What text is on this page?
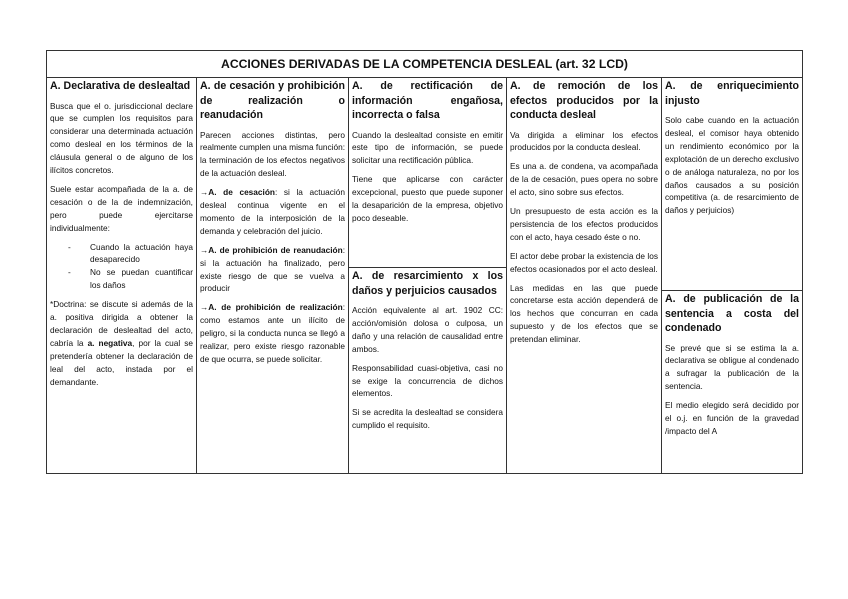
ACCIONES DERIVADAS DE LA COMPETENCIA DESLEAL (art. 32 LCD)
A. Declarativa de deslealtad
Busca que el o. jurisdiccional declare que se cumplen los requisitos para considerar una determinada actuación como desleal en los términos de la cláusula general o de alguno de los ilícitos concretos.
Suele estar acompañada de la a. de cesación o de la de indemnización, pero puede ejercitarse individualmente:
- Cuando la actuación haya desaparecido
- No se puedan cuantificar los daños
*Doctrina: se discute si además de la a. positiva dirigida a obtener la declaración de deslealtad del acto, cabría la a. negativa, por la cual se pretendería obtener la declaración de leal del acto, instada por el demandante.
A. de cesación y prohibición de realización o reanudación
Parecen acciones distintas, pero realmente cumplen una misma función: la terminación de los efectos negativos de la actuación desleal.
→A. de cesación: si la actuación desleal continua vigente en el momento de la interposición de la demanda y celebración del juicio.
→A. de prohibición de reanudación: si la actuación ha finalizado, pero existe riesgo de que se vuelva a producir
→A. de prohibición de realización: como estamos ante un ilícito de peligro, si la conducta nunca se llegó a realizar, pero existe riesgo razonable de que ocurra, se puede solicitar.
A. de rectificación de información engañosa, incorrecta o falsa
Cuando la deslealtad consiste en emitir este tipo de información, se puede solicitar una rectificación pública.
Tiene que aplicarse con carácter excepcional, puesto que puede suponer la desaparición de la empresa, objetivo poco deseable.
A. de resarcimiento x los daños y perjuicios causados
Acción equivalente al art. 1902 CC: acción/omisión dolosa o culposa, un daño y una relación de causalidad entre ambos.
Responsabilidad cuasi-objetiva, casi no se exige la concurrencia de dichos elementos.
Si se acredita la deslealtad se considera cumplido el requisito.
A. de remoción de los efectos producidos por la conducta desleal
Va dirigida a eliminar los efectos producidos por la conducta desleal.
Es una a. de condena, va acompañada de la de cesación, pues opera no sobre el acto, sino sobre sus efectos.
Un presupuesto de esta acción es la persistencia de los efectos producidos con el acto, haya cesado éste o no.
El actor debe probar la existencia de los efectos ocasionados por el acto desleal.
Las medidas en las que puede concretarse esta acción dependerá de los hechos que concurran en cada supuesto y de los efectos que se pretendan eliminar.
A. de enriquecimiento injusto
Solo cabe cuando en la actuación desleal, el comisor haya obtenido un rendimiento económico por la explotación de un derecho exclusivo o de análoga naturaleza, no por los daños causados a su posición competitiva (a. de resarcimiento de daños y perjuicios)
A. de publicación de la sentencia a costa del condenado
Se prevé que si se estima la a. declarativa se obligue al condenado a sufragar la publicación de la sentencia.
El medio elegido será decidido por el o.j. en función de la gravedad /impacto del A
